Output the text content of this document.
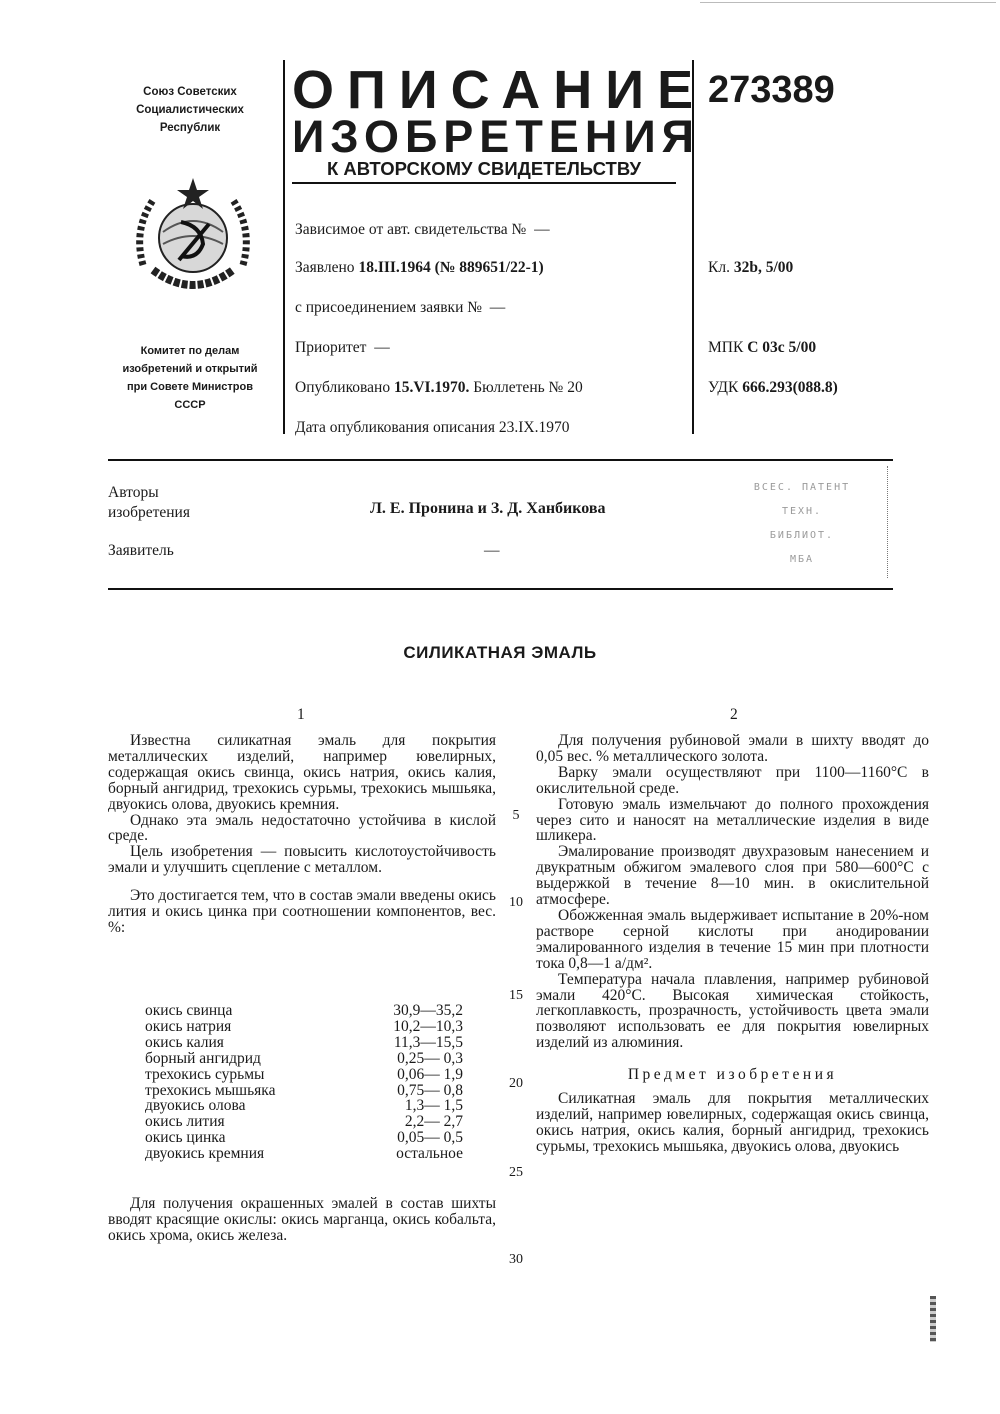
Союз Советских
Социалистических
Республик
Комитет по делам
изобретений и открытий
при Совете Министров
СССР
ОПИСАНИЕ
ИЗОБРЕТЕНИЯ
К АВТОРСКОМУ СВИДЕТЕЛЬСТВУ
273389
Зависимое от авт. свидетельства № —
Заявлено 18.III.1964 (№ 889651/22-1)
с присоединением заявки № —
Приоритет —
Опубликовано 15.VI.1970. Бюллетень № 20
Дата опубликования описания 23.IX.1970
Кл. 32b, 5/00
МПК С 03с 5/00
УДК 666.293(088.8)
Авторы
изобретения	Л. Е. Пронина и З. Д. Ханбикова
Заявитель	—
ВСЕС. ПАТЕНТ
ТЕХН.
БИБЛИОТ.
МБА
СИЛИКАТНАЯ ЭМАЛЬ
1	2

Известна силикатная эмаль для покрытия металлических изделий, например ювелирных, содержащая окись свинца, окись натрия, окись калия, борный ангидрид, трехокись сурьмы, трехокись мышьяка, двуокись олова, двуокись кремния.

Однако эта эмаль недостаточно устойчива в кислой среде.

Цель изобретения — повысить кислотоустойчивость эмали и улучшить сцепление с металлом.

Это достигается тем, что в состав эмали введены окись лития и окись цинка при соотношении компонентов, вес. %:

окись свинца	30,9—35,2
окись натрия	10,2—10,3
окись калия	11,3—15,5
борный ангидрид	0,25— 0,3
трехокись сурьмы	0,06— 1,9
трехокись мышьяка	0,75— 0,8
двуокись олова	1,3— 1,5
окись лития	2,2— 2,7
окись цинка	0,05— 0,5
двуокись кремния	остальное

Для получения окрашенных эмалей в состав шихты вводят красящие окислы: окись марганца, окись кобальта, окись хрома, окись железа.

5
10
15
20
25
30

Для получения рубиновой эмали в шихту вводят до 0,05 вес. % металлического золота.

Варку эмали осуществляют при 1100—1160°С в окислительной среде.

Готовую эмаль измельчают до полного прохождения через сито и наносят на металлические изделия в виде шликера.

Эмалирование производят двухразовым нанесением и двукратным обжигом эмалевого слоя при 580—600°С с выдержкой в течение 8—10 мин. в окислительной атмосфере.

Обожженная эмаль выдерживает испытание в 20%-ном растворе серной кислоты при анодировании эмалированного изделия в течение 15 мин при плотности тока 0,8—1 а/дм².

Температура начала плавления, например рубиновой эмали 420°С. Высокая химическая стойкость, легкоплавкость, прозрачность, устойчивость цвета эмали позволяют использовать ее для покрытия ювелирных изделий из алюминия.

Предмет изобретения

Силикатная эмаль для покрытия металлических изделий, например ювелирных, содержащая окись свинца, окись натрия, окись калия, борный ангидрид, трехокись сурьмы, трехокись мышьяка, двуокись олова, двуокись
